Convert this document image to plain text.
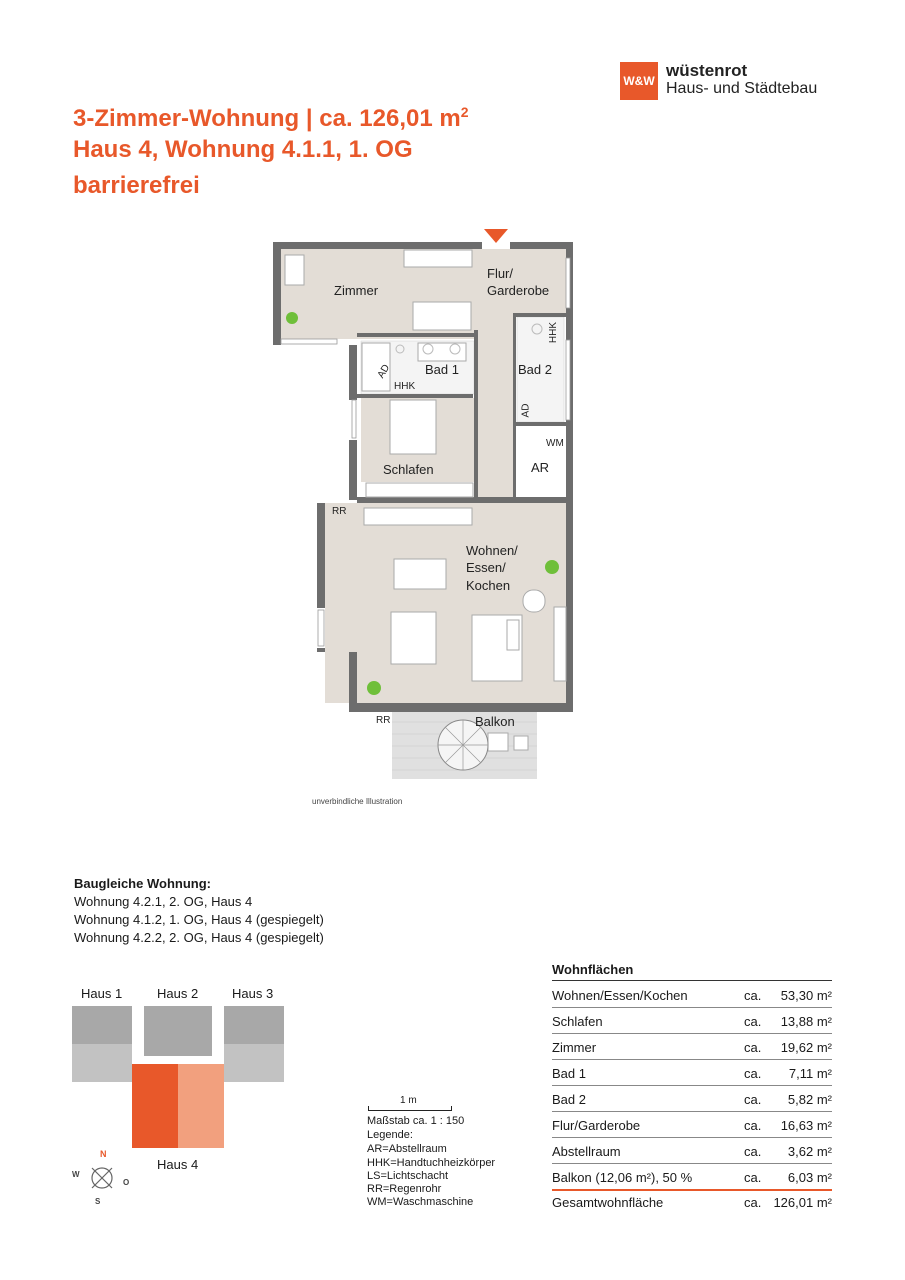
3-Zimmer-Wohnung | ca. 126,01 $m^2$
Haus 4, Wohnung 4.1.1, 1. OG
barrierefrei
W&W
wüstenrot
Haus- und Städtebau
Zimmer
Flur/
Garderobe
Bad 1	Bad 2
Schlafen	AR
Wohnen/
Essen/
Kochen
Balkon
HHK
AD
HHK
AD
WM
RR
RR
unverbindliche Illustration
Baugleiche Wohnung:
Wohnung 4.2.1, 2. OG, Haus 4
Wohnung 4.1.2, 1. OG, Haus 4 (gespiegelt)
Wohnung 4.2.2, 2. OG, Haus 4 (gespiegelt)
Haus 1	Haus 2	Haus 3
Haus 4
N
W
O
S
1 m
Maßstab ca. 1 : 150
Legende:
AR=Abstellraum
HHK=Handtuchheizkörper
LS=Lichtschacht
RR=Regenrohr
WM=Waschmaschine
Wohnflächen
Wohnen/Essen/Kochen	ca. 53,30 m²
Schlafen	ca. 13,88 m²
Zimmer	ca. 19,62 m²
Bad 1	ca. 7,11 m²
Bad 2	ca. 5,82 m²
Flur/Garderobe	ca. 16,63 m²
Abstellraum	ca. 3,62 m²
Balkon (12,06 m²), 50 %	ca. 6,03 m²
Gesamtwohnfläche	ca. 126,01 m²
